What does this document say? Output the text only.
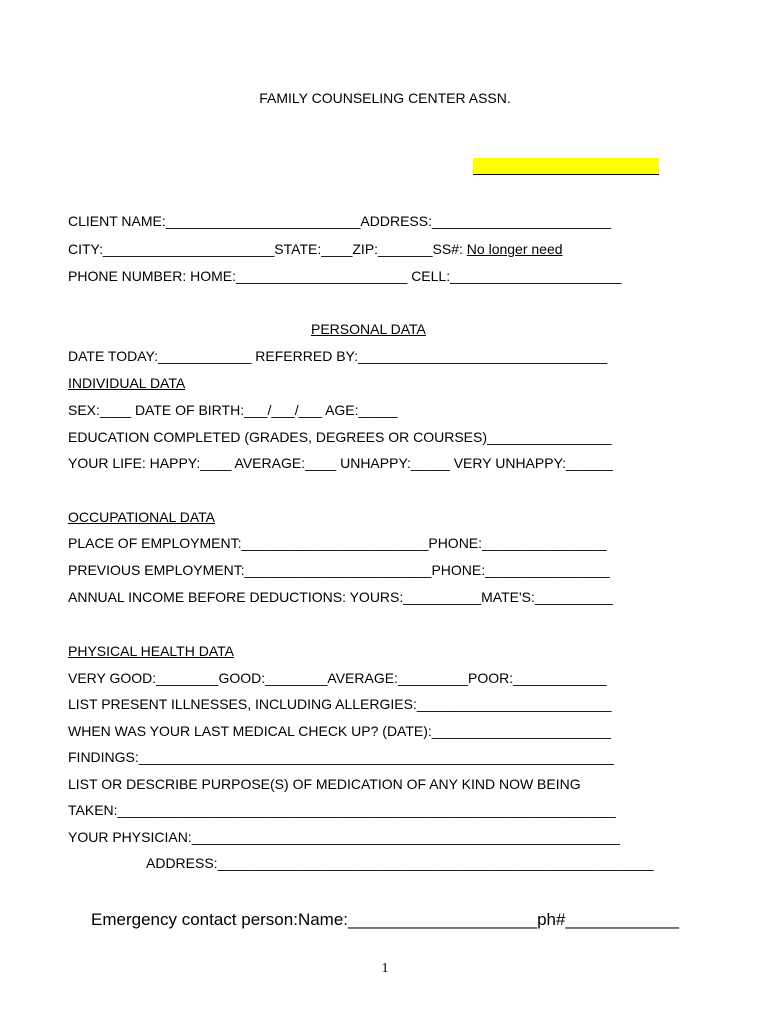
FAMILY COUNSELING CENTER ASSN.
CLIENT NAME:_________________________ADDRESS:_______________________
CITY:______________________STATE:____ZIP:_______SS#: No longer need
PHONE NUMBER: HOME:______________________ CELL:______________________
PERSONAL DATA
DATE TODAY:____________ REFERRED BY:________________________________
INDIVIDUAL DATA
SEX:____ DATE OF BIRTH:___/___/___ AGE:_____
EDUCATION COMPLETED (GRADES, DEGREES OR COURSES)________________
YOUR LIFE: HAPPY:____ AVERAGE:____ UNHAPPY:_____ VERY UNHAPPY:______
OCCUPATIONAL DATA
PLACE OF EMPLOYMENT:________________________PHONE:________________
PREVIOUS EMPLOYMENT:________________________PHONE:________________
ANNUAL INCOME BEFORE DEDUCTIONS: YOURS:__________MATE'S:__________
PHYSICAL HEALTH DATA
VERY GOOD:________GOOD:________AVERAGE:_________POOR:____________
LIST PRESENT ILLNESSES, INCLUDING ALLERGIES:_________________________
WHEN WAS YOUR LAST MEDICAL CHECK UP? (DATE):_______________________
FINDINGS:_____________________________________________________________
LIST OR DESCRIBE PURPOSE(S) OF MEDICATION OF ANY KIND NOW BEING
TAKEN:________________________________________________________________
YOUR PHYSICIAN:_______________________________________________________
ADDRESS:________________________________________________________
Emergency contact person:Name:____________________ph#____________
1
